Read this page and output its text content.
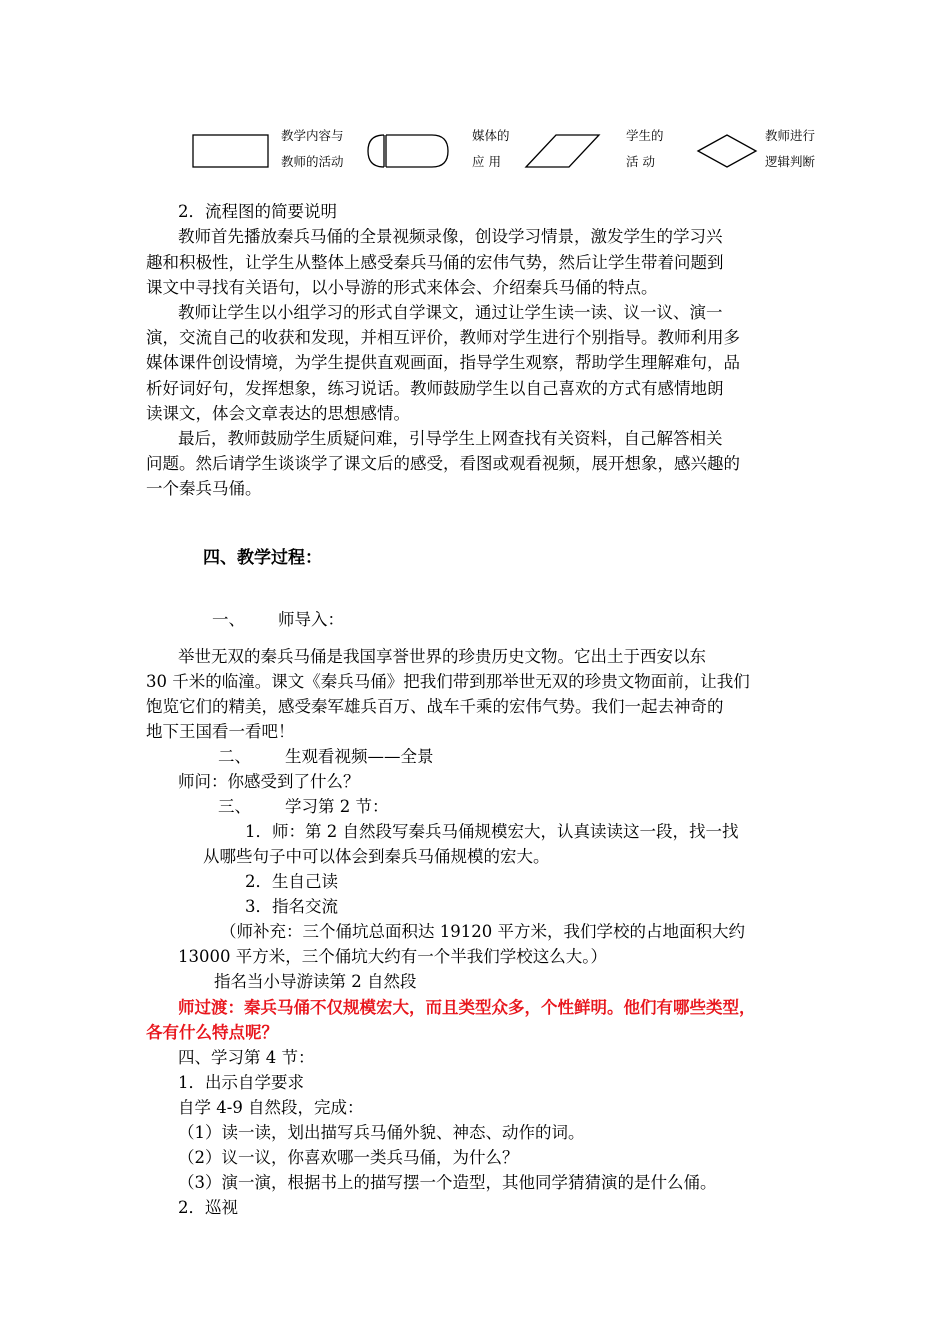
教学内容与
教师的活动
媒体的
应 用
学生的
活 动
教师进行
逻辑判断
2．流程图的简要说明
教师首先播放秦兵马俑的全景视频录像，创设学习情景，激发学生的学习兴
趣和积极性，让学生从整体上感受秦兵马俑的宏伟气势，然后让学生带着问题到
课文中寻找有关语句，以小导游的形式来体会、介绍秦兵马俑的特点。
教师让学生以小组学习的形式自学课文，通过让学生读一读、议一议、演一
演，交流自己的收获和发现，并相互评价，教师对学生进行个别指导。教师利用多
媒体课件创设情境，为学生提供直观画面，指导学生观察，帮助学生理解难句，品
析好词好句，发挥想象，练习说话。教师鼓励学生以自己喜欢的方式有感情地朗
读课文，体会文章表达的思想感情。
最后，教师鼓励学生质疑问难，引导学生上网查找有关资料，自己解答相关
问题。然后请学生谈谈学了课文后的感受，看图或观看视频，展开想象，感兴趣的
一个秦兵马俑。
四、教学过程：
一、 师导入：
举世无双的秦兵马俑是我国享誉世界的珍贵历史文物。它出土于西安以东
30 千米的临潼。课文《秦兵马俑》把我们带到那举世无双的珍贵文物面前，让我们
饱览它们的精美，感受秦军雄兵百万、战车千乘的宏伟气势。我们一起去神奇的
地下王国看一看吧！
二、 生观看视频——全景
师问：你感受到了什么？
三、 学习第 2 节：
1．师：第 2 自然段写秦兵马俑规模宏大，认真读读这一段，找一找
从哪些句子中可以体会到秦兵马俑规模的宏大。
2．生自己读
3．指名交流
（师补充：三个俑坑总面积达 19120 平方米，我们学校的占地面积大约
13000 平方米，三个俑坑大约有一个半我们学校这么大。）
指名当小导游读第 2 自然段
师过渡：秦兵马俑不仅规模宏大，而且类型众多，个性鲜明。他们有哪些类型，
各有什么特点呢？
四、学习第 4 节：
1．出示自学要求
自学 4-9 自然段，完成：
（1）读一读，划出描写兵马俑外貌、神态、动作的词。
（2）议一议，你喜欢哪一类兵马俑，为什么？
（3）演一演，根据书上的描写摆一个造型，其他同学猜猜演的是什么俑。
2．巡视
